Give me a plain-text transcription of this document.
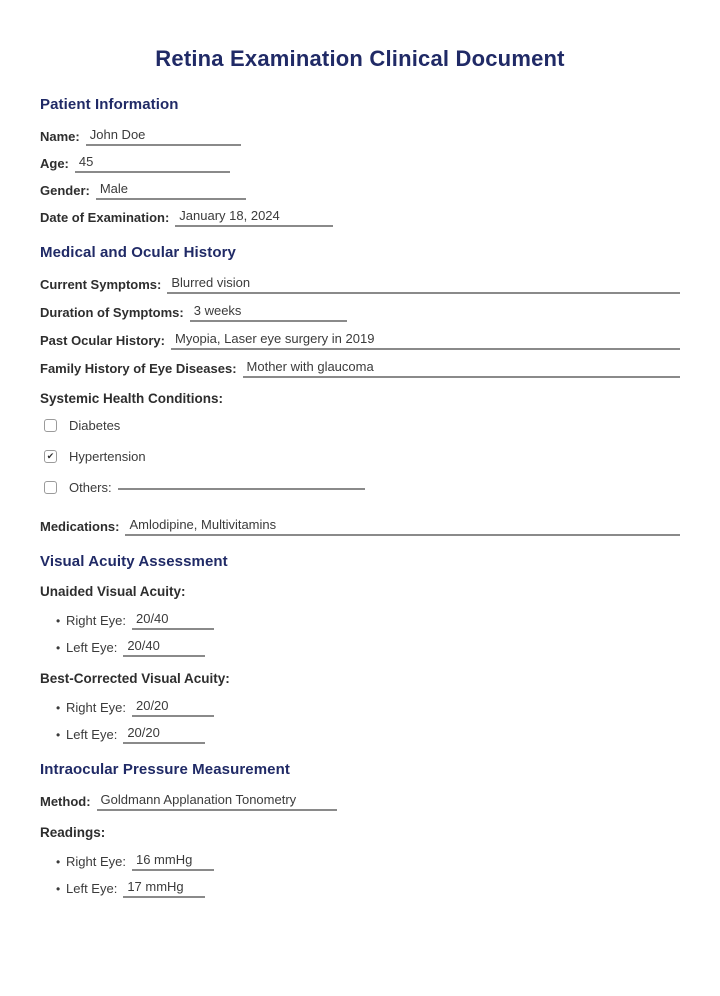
Retina Examination Clinical Document
Patient Information
Name: John Doe
Age: 45
Gender: Male
Date of Examination: January 18, 2024
Medical and Ocular History
Current Symptoms: Blurred vision
Duration of Symptoms: 3 weeks
Past Ocular History: Myopia, Laser eye surgery in 2019
Family History of Eye Diseases: Mother with glaucoma
Systemic Health Conditions:
Diabetes
✔ Hypertension
Others:
Medications: Amlodipine, Multivitamins
Visual Acuity Assessment
Unaided Visual Acuity:
• Right Eye: 20/40
• Left Eye: 20/40
Best-Corrected Visual Acuity:
• Right Eye: 20/20
• Left Eye: 20/20
Intraocular Pressure Measurement
Method: Goldmann Applanation Tonometry
Readings:
• Right Eye: 16 mmHg
• Left Eye: 17 mmHg
